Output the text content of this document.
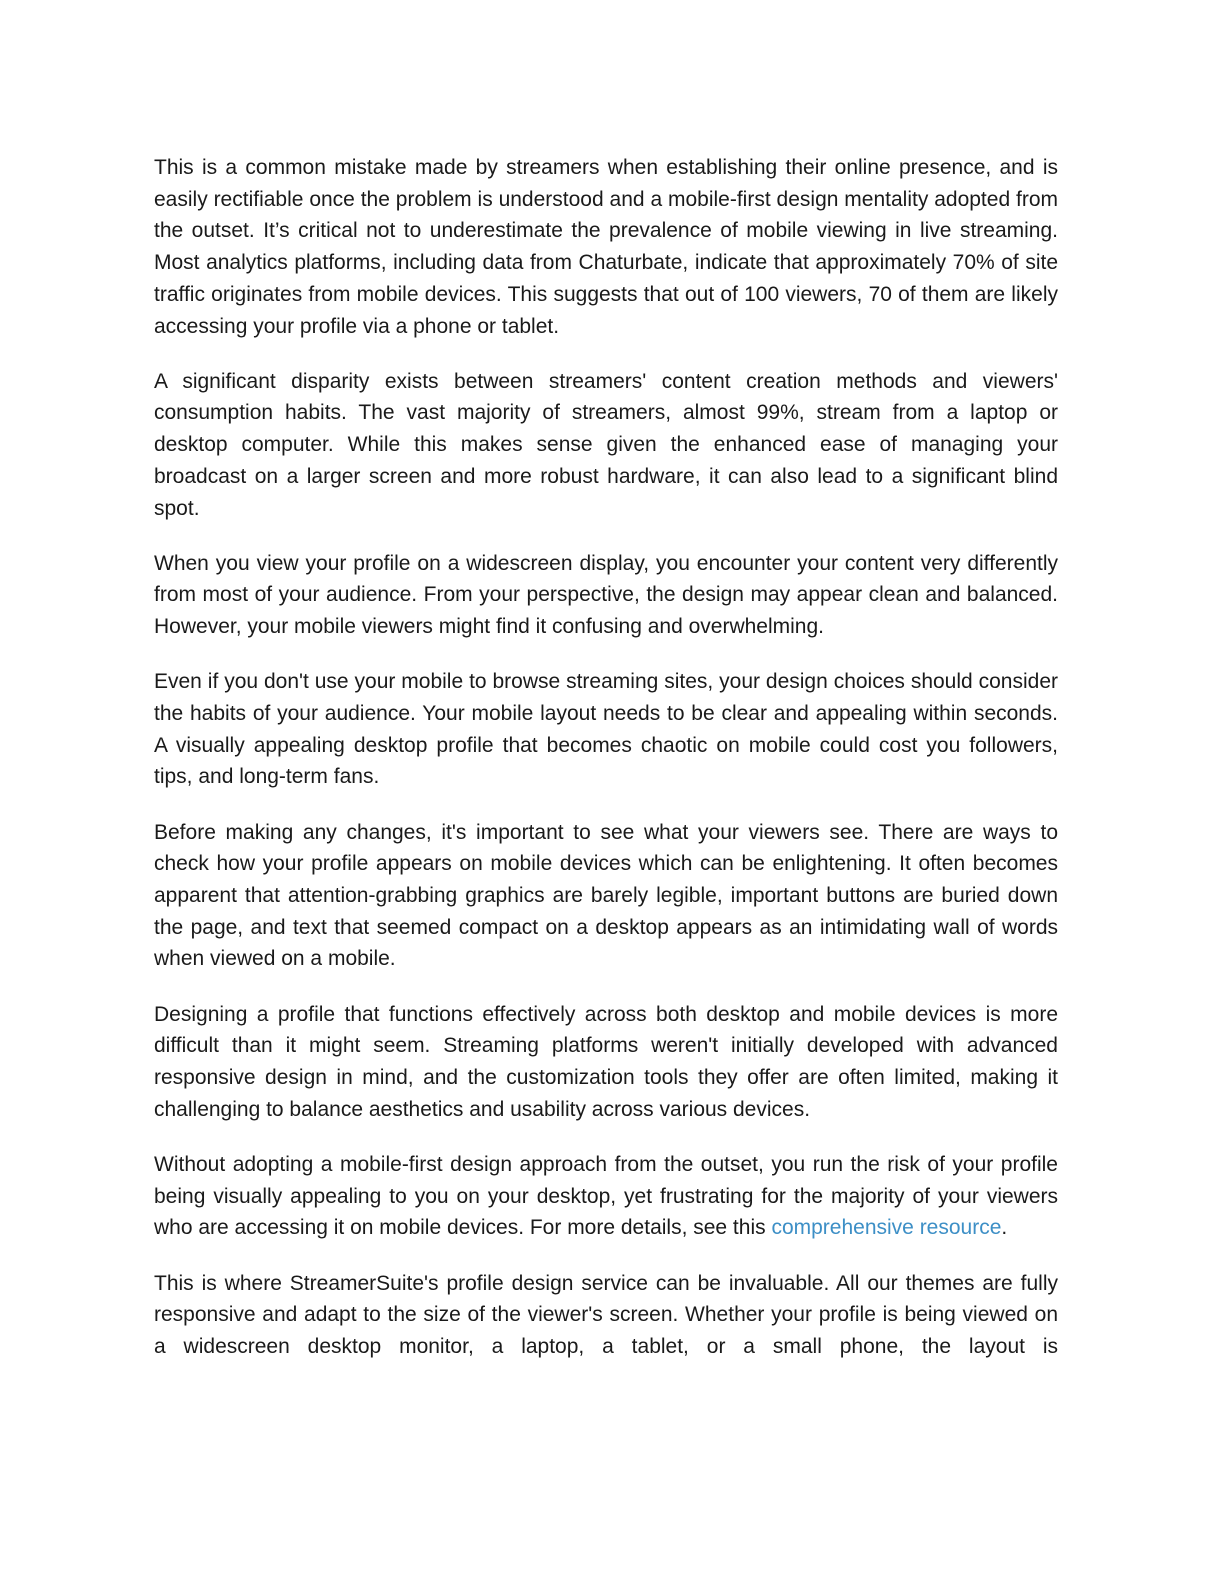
This is a common mistake made by streamers when establishing their online presence, and is easily rectifiable once the problem is understood and a mobile-first design mentality adopted from the outset. It’s critical not to underestimate the prevalence of mobile viewing in live streaming. Most analytics platforms, including data from Chaturbate, indicate that approximately 70% of site traffic originates from mobile devices. This suggests that out of 100 viewers, 70 of them are likely accessing your profile via a phone or tablet.

A significant disparity exists between streamers' content creation methods and viewers' consumption habits. The vast majority of streamers, almost 99%, stream from a laptop or desktop computer. While this makes sense given the enhanced ease of managing your broadcast on a larger screen and more robust hardware, it can also lead to a significant blind spot.

When you view your profile on a widescreen display, you encounter your content very differently from most of your audience. From your perspective, the design may appear clean and balanced. However, your mobile viewers might find it confusing and overwhelming.

Even if you don't use your mobile to browse streaming sites, your design choices should consider the habits of your audience. Your mobile layout needs to be clear and appealing within seconds. A visually appealing desktop profile that becomes chaotic on mobile could cost you followers, tips, and long-term fans.

Before making any changes, it's important to see what your viewers see. There are ways to check how your profile appears on mobile devices which can be enlightening. It often becomes apparent that attention-grabbing graphics are barely legible, important buttons are buried down the page, and text that seemed compact on a desktop appears as an intimidating wall of words when viewed on a mobile.

Designing a profile that functions effectively across both desktop and mobile devices is more difficult than it might seem. Streaming platforms weren't initially developed with advanced responsive design in mind, and the customization tools they offer are often limited, making it challenging to balance aesthetics and usability across various devices.

Without adopting a mobile-first design approach from the outset, you run the risk of your profile being visually appealing to you on your desktop, yet frustrating for the majority of your viewers who are accessing it on mobile devices. For more details, see this comprehensive resource.

This is where StreamerSuite's profile design service can be invaluable. All our themes are fully responsive and adapt to the size of the viewer's screen. Whether your profile is being viewed on a widescreen desktop monitor, a laptop, a tablet, or a small phone, the layout is
